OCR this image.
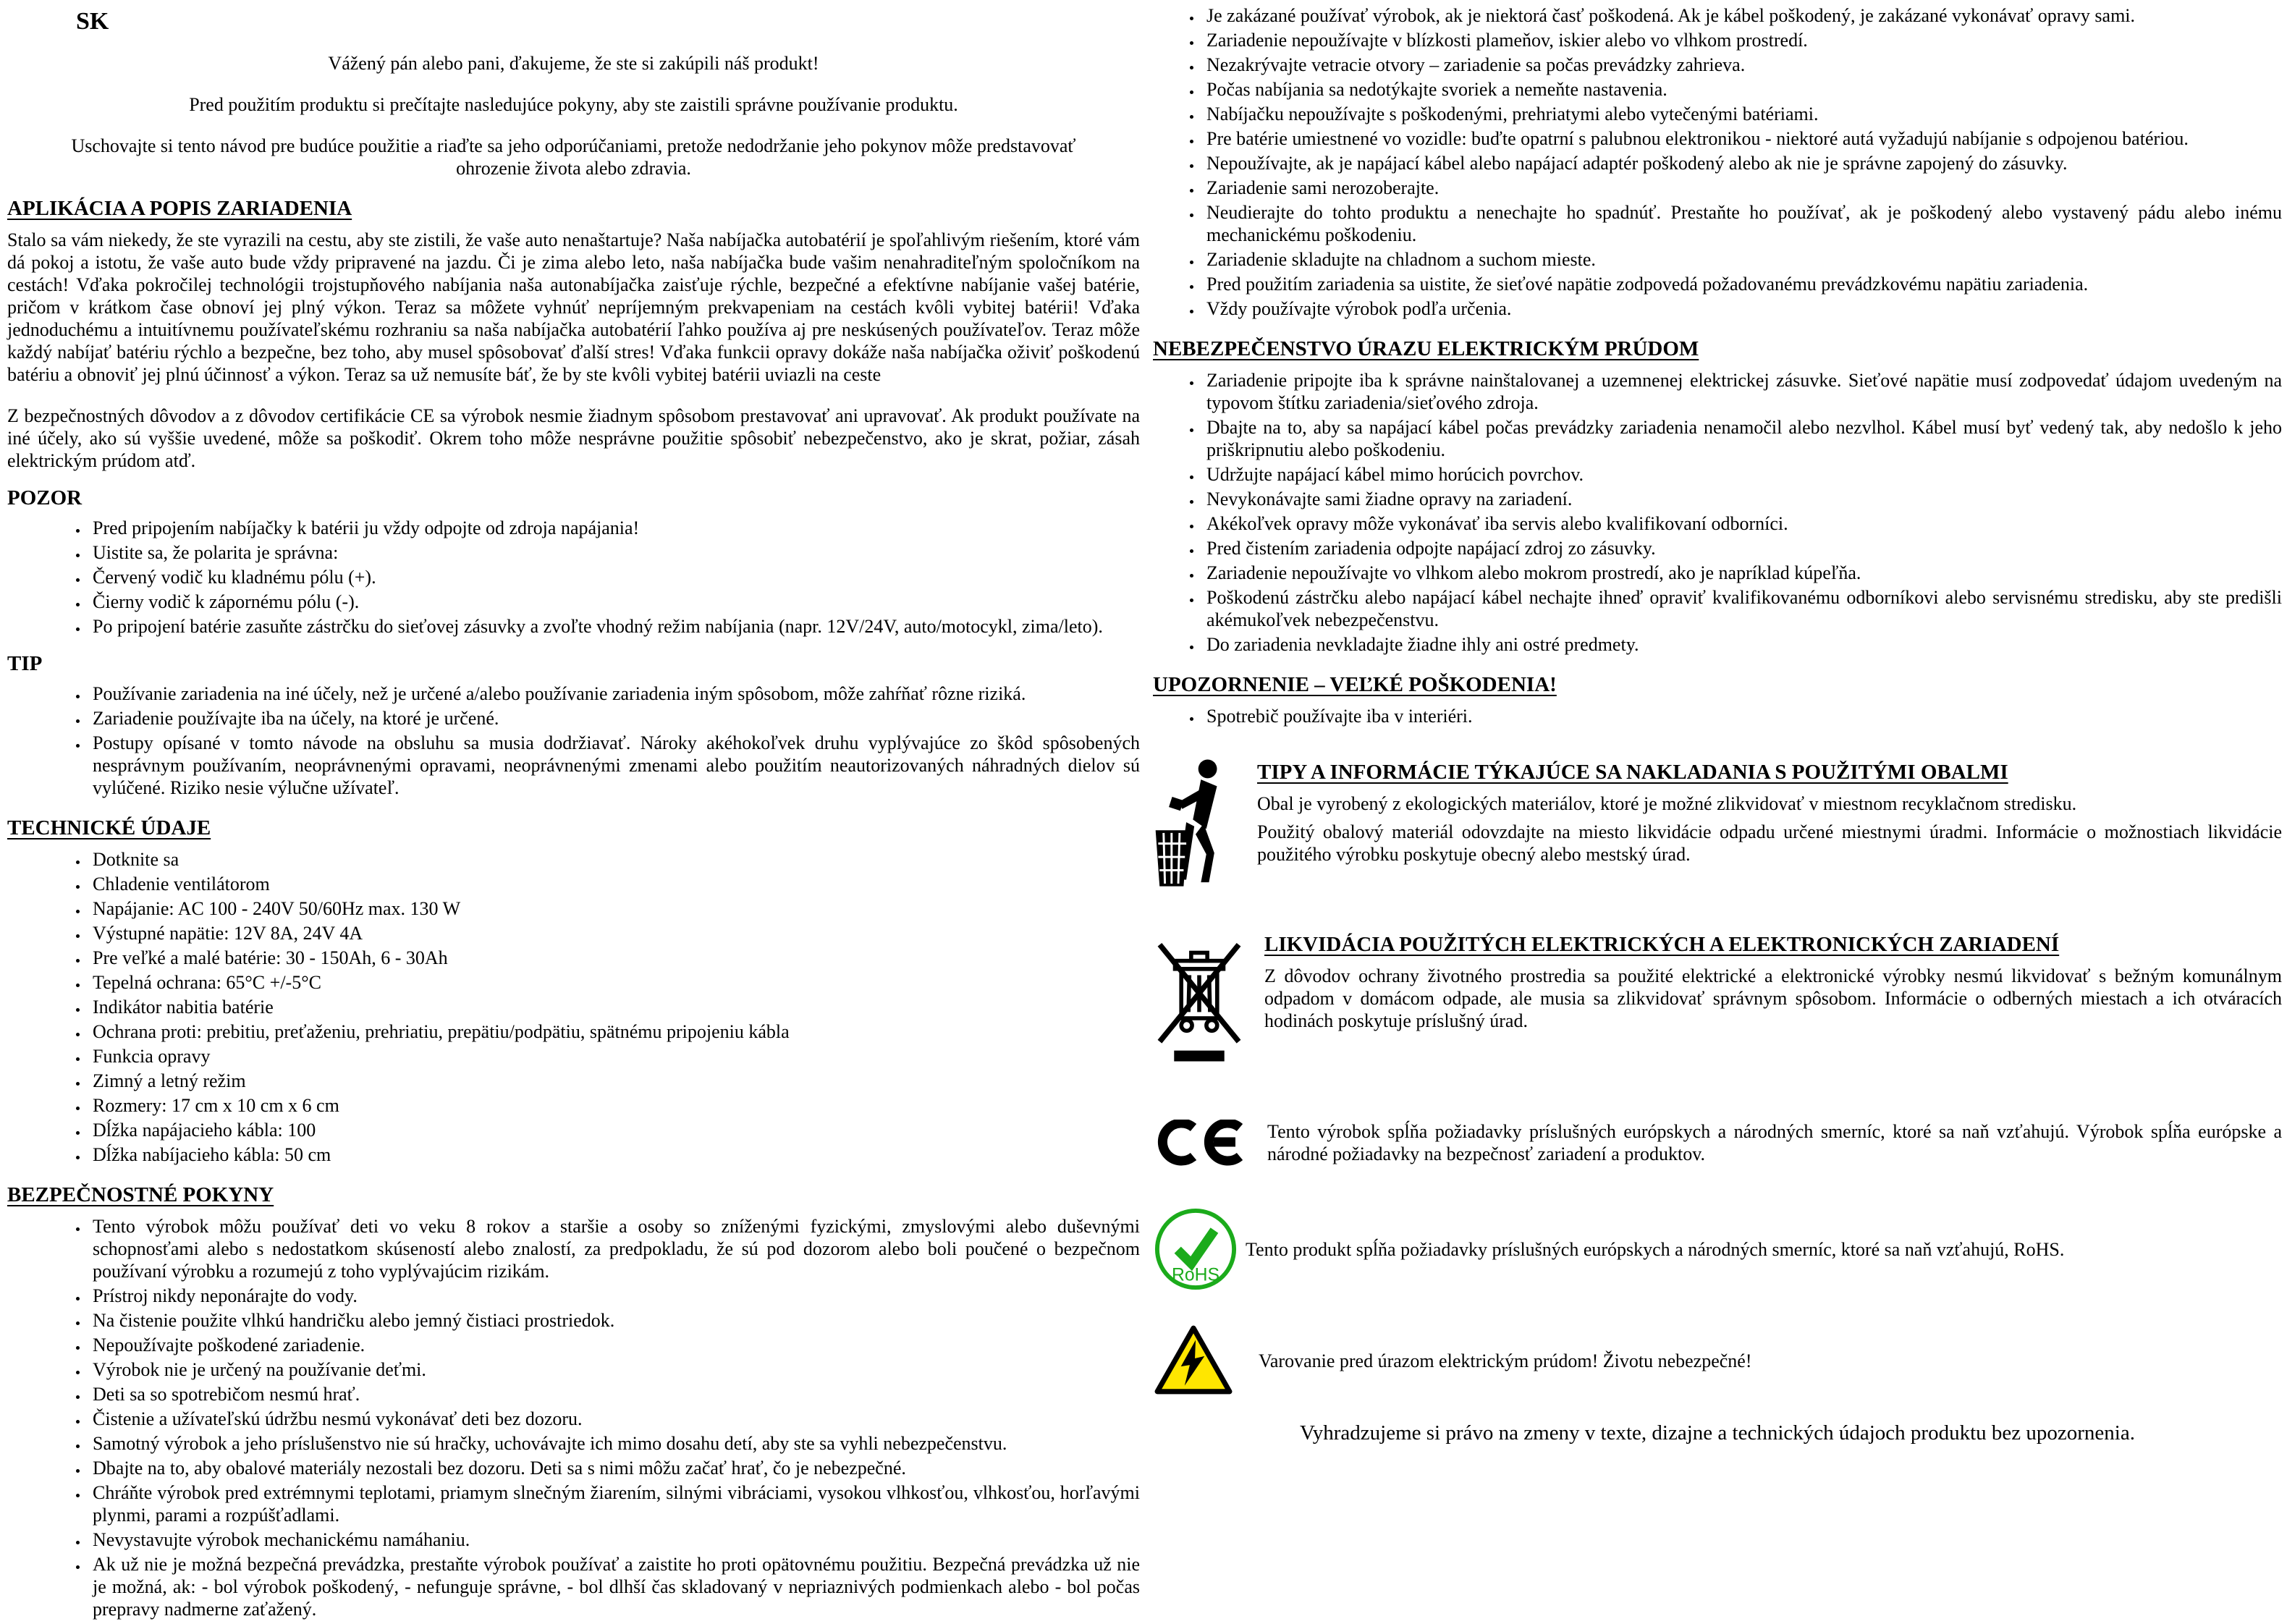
SK

Vážený pán alebo pani, ďakujeme, že ste si zakúpili náš produkt!

Pred použitím produktu si prečítajte nasledujúce pokyny, aby ste zaistili správne používanie produktu.

Uschovajte si tento návod pre budúce použitie a riaďte sa jeho odporúčaniami, pretože nedodržanie jeho pokynov môže predstavovať ohrozenie života alebo zdravia.

APLIKÁCIA A POPIS ZARIADENIA

Stalo sa vám niekedy, že ste vyrazili na cestu, aby ste zistili, že vaše auto nenaštartuje? Naša nabíjačka autobatérií je spoľahlivým riešením, ktoré vám dá pokoj a istotu, že vaše auto bude vždy pripravené na jazdu. Či je zima alebo leto, naša nabíjačka bude vašim nenahraditeľným spoločníkom na cestách! Vďaka pokročilej technológii trojstupňového nabíjania naša autonabíjačka zaisťuje rýchle, bezpečné a efektívne nabíjanie vašej batérie, pričom v krátkom čase obnoví jej plný výkon. Teraz sa môžete vyhnúť nepríjemným prekvapeniam na cestách kvôli vybitej batérii! Vďaka jednoduchému a intuitívnemu používateľskému rozhraniu sa naša nabíjačka autobatérií ľahko používa aj pre neskúsených používateľov. Teraz môže každý nabíjať batériu rýchlo a bezpečne, bez toho, aby musel spôsobovať ďalší stres! Vďaka funkcii opravy dokáže naša nabíjačka oživiť poškodenú batériu a obnoviť jej plnú účinnosť a výkon. Teraz sa už nemusíte báť, že by ste kvôli vybitej batérii uviazli na ceste

Z bezpečnostných dôvodov a z dôvodov certifikácie CE sa výrobok nesmie žiadnym spôsobom prestavovať ani upravovať. Ak produkt používate na iné účely, ako sú vyššie uvedené, môže sa poškodiť. Okrem toho môže nesprávne použitie spôsobiť nebezpečenstvo, ako je skrat, požiar, zásah elektrickým prúdom atď.

POZOR
• Pred pripojením nabíjačky k batérii ju vždy odpojte od zdroja napájania!
• Uistite sa, že polarita je správna:
• Červený vodič ku kladnému pólu (+).
• Čierny vodič k zápornému pólu (-).
• Po pripojení batérie zasuňte zástrčku do sieťovej zásuvky a zvoľte vhodný režim nabíjania (napr. 12V/24V, auto/motocykl, zima/leto).
TIP
• Používanie zariadenia na iné účely, než je určené a/alebo používanie zariadenia iným spôsobom, môže zahŕňať rôzne riziká.
• Zariadenie používajte iba na účely, na ktoré je určené.
• Postupy opísané v tomto návode na obsluhu sa musia dodržiavať. Nároky akéhokoľvek druhu vyplývajúce zo škôd spôsobených nesprávnym používaním, neoprávnenými opravami, neoprávnenými zmenami alebo použitím neautorizovaných náhradných dielov sú vylúčené. Riziko nesie výlučne užívateľ.
TECHNICKÉ ÚDAJE
• Dotknite sa
• Chladenie ventilátorom
• Napájanie: AC 100 - 240V 50/60Hz max. 130 W
• Výstupné napätie: 12V 8A, 24V 4A
• Pre veľké a malé batérie: 30 - 150Ah, 6 - 30Ah
• Tepelná ochrana: 65°C +/-5°C
• Indikátor nabitia batérie
• Ochrana proti: prebitiu, preťaženiu, prehriatiu, prepätiu/podpätiu, spätnému pripojeniu kábla
• Funkcia opravy
• Zimný a letný režim
• Rozmery: 17 cm x 10 cm x 6 cm
• Dĺžka napájacieho kábla: 100
• Dĺžka nabíjacieho kábla: 50 cm
BEZPEČNOSTNÉ POKYNY
• Tento výrobok môžu používať deti vo veku 8 rokov a staršie a osoby so zníženými fyzickými, zmyslovými alebo duševnými schopnosťami alebo s nedostatkom skúseností alebo znalostí, za predpokladu, že sú pod dozorom alebo boli poučené o bezpečnom používaní výrobku a rozumejú z toho vyplývajúcim rizikám.
• Prístroj nikdy neponárajte do vody.
• Na čistenie použite vlhkú handričku alebo jemný čistiaci prostriedok.
• Nepoužívajte poškodené zariadenie.
• Výrobok nie je určený na používanie deťmi.
• Deti sa so spotrebičom nesmú hrať.
• Čistenie a užívateľskú údržbu nesmú vykonávať deti bez dozoru.
• Samotný výrobok a jeho príslušenstvo nie sú hračky, uchovávajte ich mimo dosahu detí, aby ste sa vyhli nebezpečenstvu.
• Dbajte na to, aby obalové materiály nezostali bez dozoru. Deti sa s nimi môžu začať hrať, čo je nebezpečné.
• Chráňte výrobok pred extrémnymi teplotami, priamym slnečným žiarením, silnými vibráciami, vysokou vlhkosťou, vlhkosťou, horľavými plynmi, parami a rozpúšťadlami.
• Nevystavujte výrobok mechanickému namáhaniu.
• Ak už nie je možná bezpečná prevádzka, prestaňte výrobok používať a zaistite ho proti opätovnému použitiu. Bezpečná prevádzka už nie je možná, ak: - bol výrobok poškodený, - nefunguje správne, - bol dlhší čas skladovaný v nepriaznivých podmienkach alebo - bol počas prepravy nadmerne zaťažený.
• Je zakázané používať výrobok, ak je niektorá časť poškodená. Ak je kábel poškodený, je zakázané vykonávať opravy sami.
• Zariadenie nepoužívajte v blízkosti plameňov, iskier alebo vo vlhkom prostredí.
• Nezakrývajte vetracie otvory – zariadenie sa počas prevádzky zahrieva.
• Počas nabíjania sa nedotýkajte svoriek a nemeňte nastavenia.
• Nabíjačku nepoužívajte s poškodenými, prehriatymi alebo vytečenými batériami.
• Pre batérie umiestnené vo vozidle: buďte opatrní s palubnou elektronikou - niektoré autá vyžadujú nabíjanie s odpojenou batériou.
• Nepoužívajte, ak je napájací kábel alebo napájací adaptér poškodený alebo ak nie je správne zapojený do zásuvky.
• Zariadenie sami nerozoberajte.
• Neudierajte do tohto produktu a nenechajte ho spadnúť. Prestaňte ho používať, ak je poškodený alebo vystavený pádu alebo inému mechanickému poškodeniu.
• Zariadenie skladujte na chladnom a suchom mieste.
• Pred použitím zariadenia sa uistite, že sieťové napätie zodpovedá požadovanému prevádzkovému napätiu zariadenia.
• Vždy používajte výrobok podľa určenia.
NEBEZPEČENSTVO ÚRAZU ELEKTRICKÝM PRÚDOM
• Zariadenie pripojte iba k správne nainštalovanej a uzemnenej elektrickej zásuvke. Sieťové napätie musí zodpovedať údajom uvedeným na typovom štítku zariadenia/sieťového zdroja.
• Dbajte na to, aby sa napájací kábel počas prevádzky zariadenia nenamočil alebo nezvlhol. Kábel musí byť vedený tak, aby nedošlo k jeho priškripnutiu alebo poškodeniu.
• Udržujte napájací kábel mimo horúcich povrchov.
• Nevykonávajte sami žiadne opravy na zariadení.
• Akékoľvek opravy môže vykonávať iba servis alebo kvalifikovaní odborníci.
• Pred čistením zariadenia odpojte napájací zdroj zo zásuvky.
• Zariadenie nepoužívajte vo vlhkom alebo mokrom prostredí, ako je napríklad kúpeľňa.
• Poškodenú zástrčku alebo napájací kábel nechajte ihneď opraviť kvalifikovanému odborníkovi alebo servisnému stredisku, aby ste predišli akémukoľvek nebezpečenstvu.
• Do zariadenia nevkladajte žiadne ihly ani ostré predmety.
UPOZORNENIE – VEĽKÉ POŠKODENIA!
• Spotrebič používajte iba v interiéri.
TIPY A INFORMÁCIE TÝKAJÚCE SA NAKLADANIA S POUŽITÝMI OBALMI

Obal je vyrobený z ekologických materiálov, ktoré je možné zlikvidovať v miestnom recyklačnom stredisku.

Použitý obalový materiál odovzdajte na miesto likvidácie odpadu určené miestnymi úradmi. Informácie o možnostiach likvidácie použitého výrobku poskytuje obecný alebo mestský úrad.

LIKVIDÁCIA POUŽITÝCH ELEKTRICKÝCH A ELEKTRONICKÝCH ZARIADENÍ

Z dôvodov ochrany životného prostredia sa použité elektrické a elektronické výrobky nesmú likvidovať s bežným komunálnym odpadom v domácom odpade, ale musia sa zlikvidovať správnym spôsobom. Informácie o odberných miestach a ich otváracích hodinách poskytuje príslušný úrad.

Tento výrobok spĺňa požiadavky príslušných európskych a národných smerníc, ktoré sa naň vzťahujú. Výrobok spĺňa európske a národné požiadavky na bezpečnosť zariadení a produktov.

RoHS

Tento produkt spĺňa požiadavky príslušných európskych a národných smerníc, ktoré sa naň vzťahujú, RoHS.

Varovanie pred úrazom elektrickým prúdom! Životu nebezpečné!

Vyhradzujeme si právo na zmeny v texte, dizajne a technických údajoch produktu bez upozornenia.
